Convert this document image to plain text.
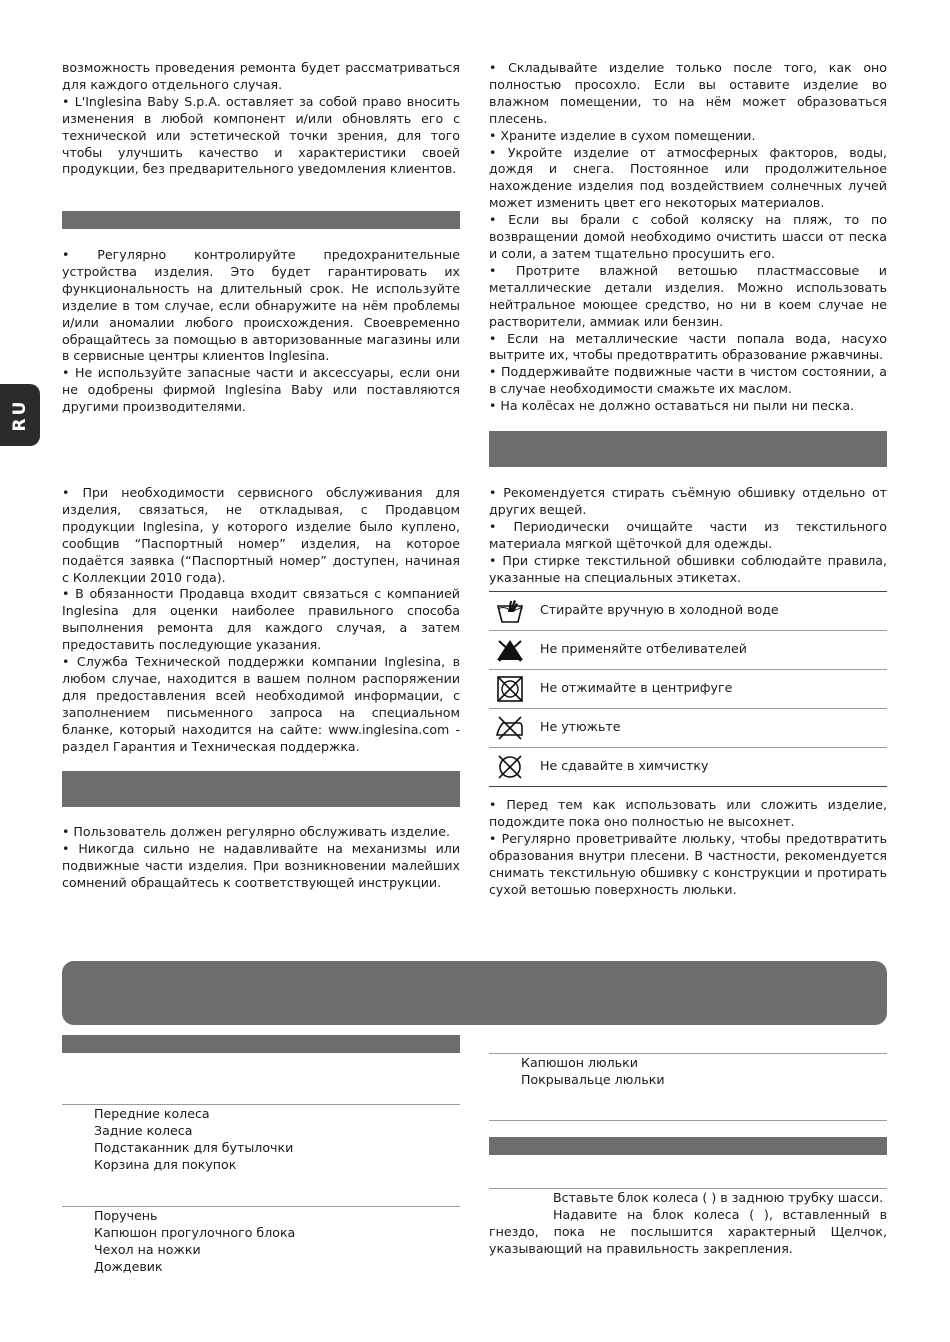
RU

возможность проведения ремонта будет рассматриваться для каждого отдельного случая.

• L'Inglesina Baby S.p.A. оставляет за собой право вносить изменения в любой компонент и/или обновлять его с технической или эстетической точки зрения, для того чтобы улучшить качество и характеристики своей продукции, без предварительного уведомления клиентов.

• Регулярно контролируйте предохранительные устройства изделия. Это будет гарантировать их функциональность на длительный срок. Не используйте изделие в том случае, если обнаружите на нём проблемы и/или аномалии любого происхождения. Своевременно обращайтесь за помощью в авторизованные магазины или в сервисные центры клиентов Inglesina.

• Не используйте запасные части и аксессуары, если они не одобрены фирмой Inglesina Baby или поставляются другими производителями.

• При необходимости сервисного обслуживания для изделия, связаться, не откладывая, с Продавцом продукции Inglesina, у которого изделие было куплено, сообщив “Паспортный номер” изделия, на которое подаётся заявка (“Паспортный номер” доступен, начиная с Коллекции 2010 года).

• В обязанности Продавца входит связаться с компанией Inglesina для оценки наиболее правильного способа выполнения ремонта для каждого случая, а затем предоставить последующие указания.

• Служба Технической поддержки компании Inglesina, в любом случае, находится в вашем полном распоряжении для предоставления всей необходимой информации, с заполнением письменного запроса на специальном бланке, который находится на сайте: www.inglesina.com - раздел Гарантия и Техническая поддержка.

• Пользователь должен регулярно обслуживать изделие.

• Никогда сильно не надавливайте на механизмы или подвижные части изделия. При возникновении малейших сомнений обращайтесь к соответствующей инструкции.

• Складывайте изделие только после того, как оно полностью просохло. Если вы оставите изделие во влажном помещении, то на нём может образоваться плесень.

• Храните изделие в сухом помещении.

• Укройте изделие от атмосферных факторов, воды, дождя и снега. Постоянное или продолжительное нахождение изделия под воздействием солнечных лучей может изменить цвет его некоторых материалов.

• Если вы брали с собой коляску на пляж, то по возвращении домой необходимо очистить шасси от песка и соли, а затем тщательно просушить его.

• Протрите влажной ветошью пластмассовые и металлические детали изделия. Можно использовать нейтральное моющее средство, но ни в коем случае не растворители, аммиак или бензин.

• Если на металлические части попала вода, насухо вытрите их, чтобы предотвратить образование ржавчины.

• Поддерживайте подвижные части в чистом состоянии, а в случае необходимости смажьте их маслом.

• На колёсах не должно оставаться ни пыли ни песка.

• Рекомендуется стирать съёмную обшивку отдельно от других вещей.

• Периодически очищайте части из текстильного материала мягкой щёточкой для одежды.

• При стирке текстильной обшивки соблюдайте правила, указанные на специальных этикетах.

Стирайте вручную в холодной воде
Не применяйте отбеливателей
Не отжимайте в центрифуге
Не утюжьте
Не сдавайте в химчистку

• Перед тем как использовать или сложить изделие, подождите пока оно полностью не высохнет.

• Регулярно проветривайте люльку, чтобы предотвратить образования внутри плесени. В частности, рекомендуется снимать текстильную обшивку с конструкции и протирать сухой ветошью поверхность люльки.

Передние колеса
Задние колеса
Подстаканник для бутылочки
Корзина для покупок
Поручень
Капюшон прогулочного блока
Чехол на ножки
Дождевик
Капюшон люльки
Покрывальце люльки

Вставьте блок колеса ( ) в заднюю трубку шасси.

Надавите на блок колеса ( ), вставленный в гнездо, пока не послышится характерный Щелчок, указывающий на правильность закрепления.
